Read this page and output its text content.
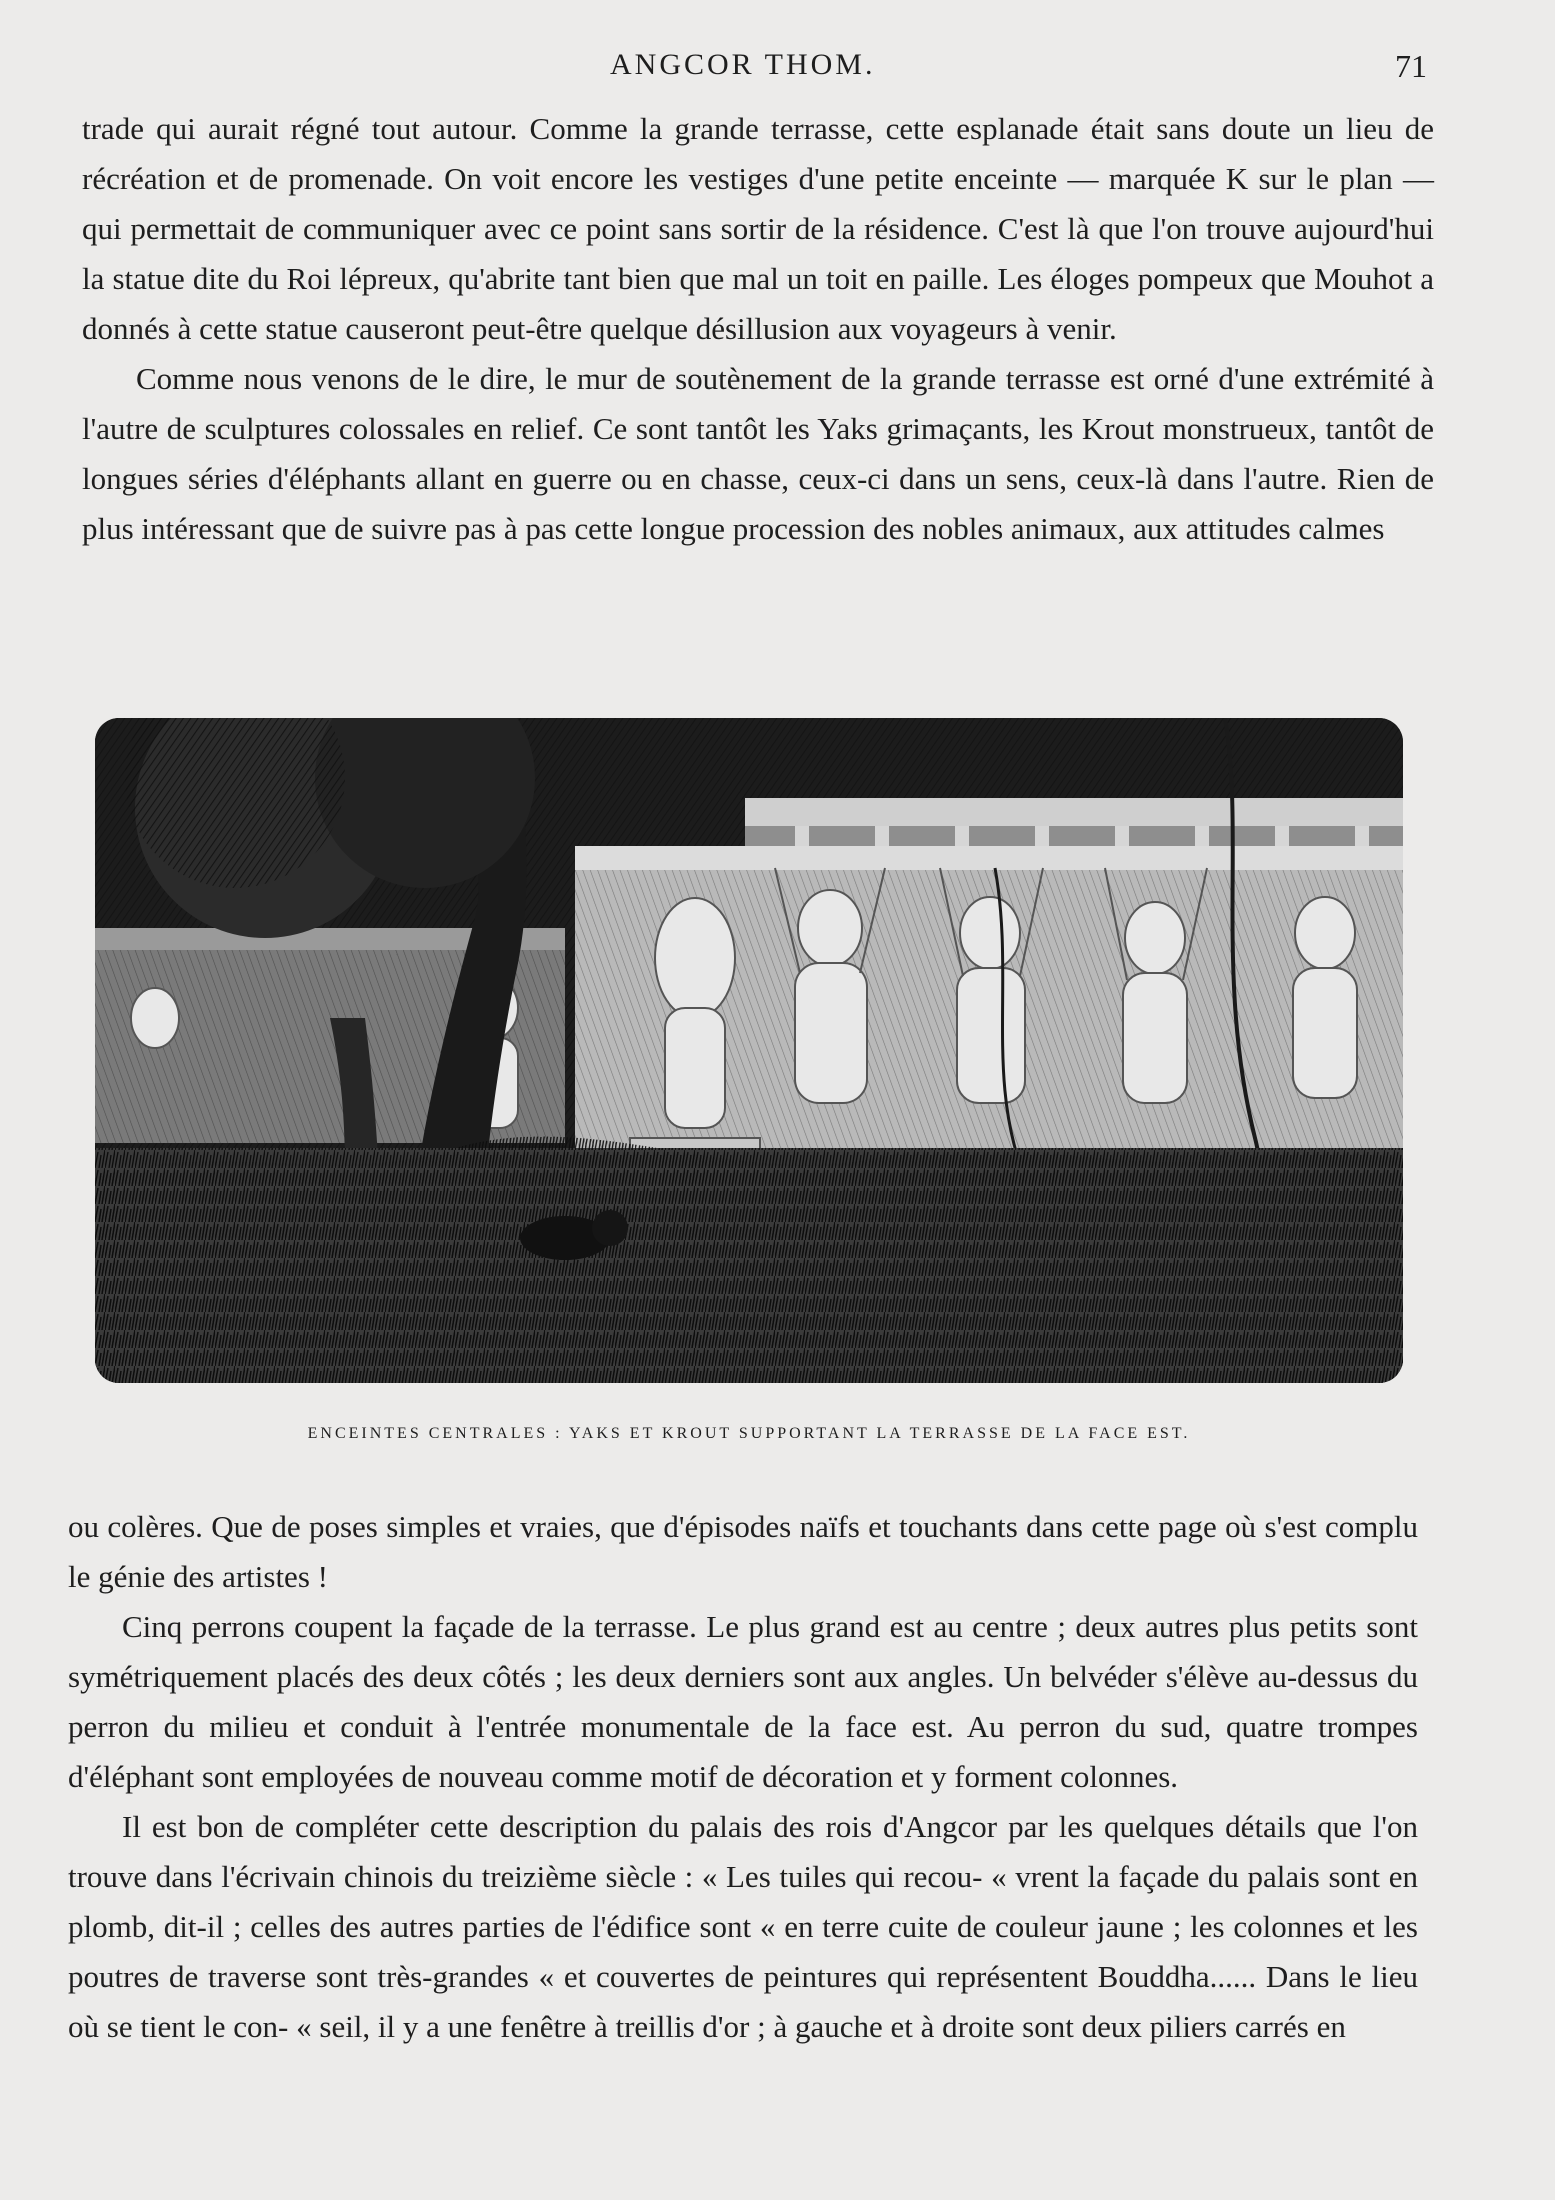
ANGCOR THOM.	71

trade qui aurait régné tout autour. Comme la grande terrasse, cette esplanade était sans doute un lieu de récréation et de promenade. On voit encore les vestiges d'une petite enceinte — marquée K sur le plan — qui permettait de communiquer avec ce point sans sortir de la résidence. C'est là que l'on trouve aujourd'hui la statue dite du Roi lépreux, qu'abrite tant bien que mal un toit en paille. Les éloges pompeux que Mouhot a donnés à cette statue causeront peut-être quelque désillusion aux voyageurs à venir.

Comme nous venons de le dire, le mur de soutènement de la grande terrasse est orné d'une extrémité à l'autre de sculptures colossales en relief. Ce sont tantôt les Yaks grimaçants, les Krout monstrueux, tantôt de longues séries d'éléphants allant en guerre ou en chasse, ceux-ci dans un sens, ceux-là dans l'autre. Rien de plus intéressant que de suivre pas à pas cette longue procession des nobles animaux, aux attitudes calmes

ENCEINTES CENTRALES : YAKS ET KROUT SUPPORTANT LA TERRASSE DE LA FACE EST.

ou colères. Que de poses simples et vraies, que d'épisodes naïfs et touchants dans cette page où s'est complu le génie des artistes !

Cinq perrons coupent la façade de la terrasse. Le plus grand est au centre ; deux autres plus petits sont symétriquement placés des deux côtés ; les deux derniers sont aux angles. Un belvéder s'élève au-dessus du perron du milieu et conduit à l'entrée monumentale de la face est. Au perron du sud, quatre trompes d'éléphant sont employées de nouveau comme motif de décoration et y forment colonnes.

Il est bon de compléter cette description du palais des rois d'Angcor par les quelques détails que l'on trouve dans l'écrivain chinois du treizième siècle : « Les tuiles qui recou- « vrent la façade du palais sont en plomb, dit-il ; celles des autres parties de l'édifice sont « en terre cuite de couleur jaune ; les colonnes et les poutres de traverse sont très-grandes « et couvertes de peintures qui représentent Bouddha...... Dans le lieu où se tient le con- « seil, il y a une fenêtre à treillis d'or ; à gauche et à droite sont deux piliers carrés en
